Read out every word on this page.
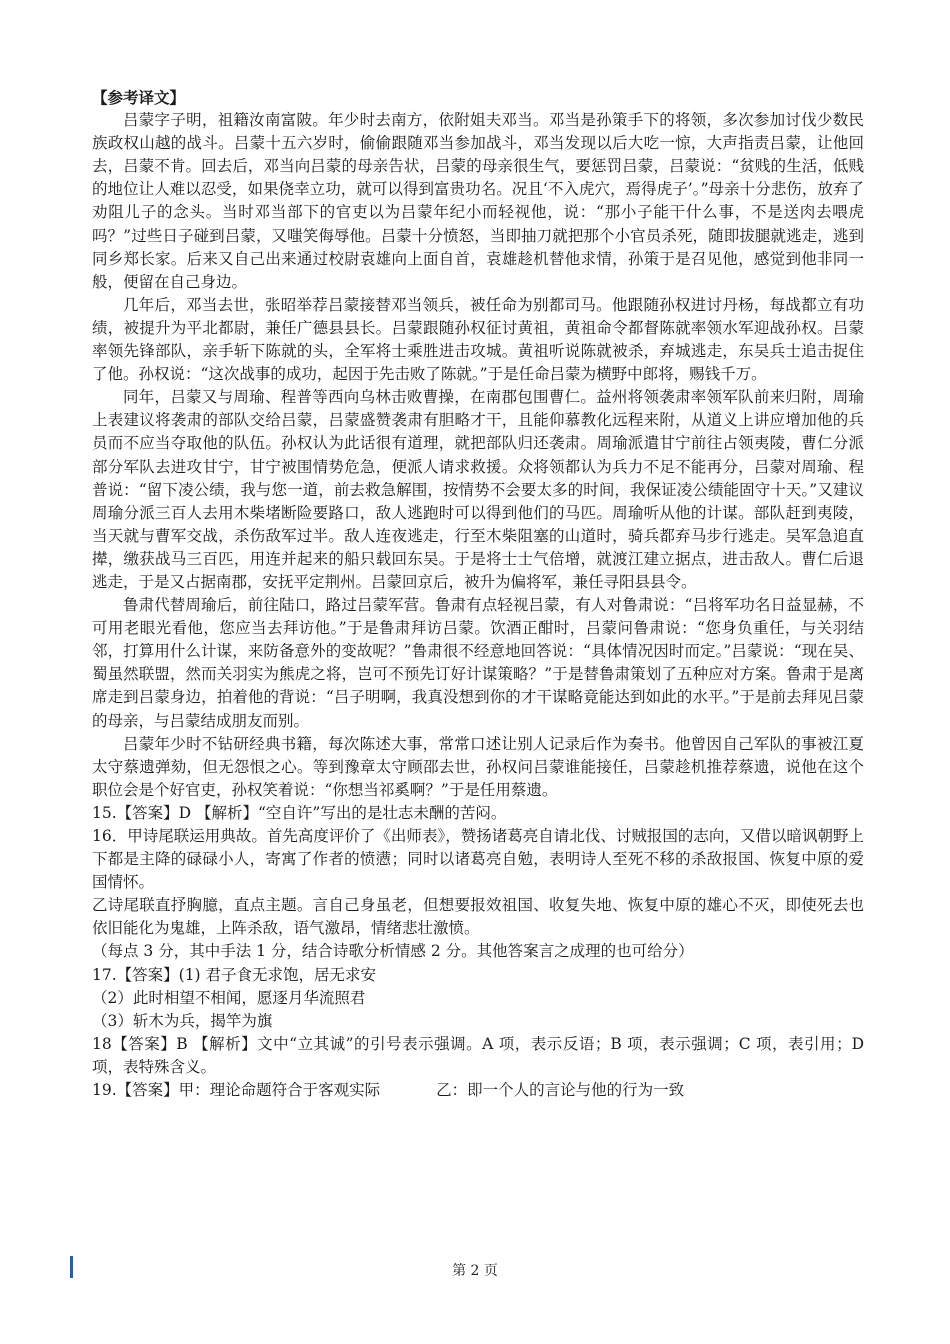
【参考译文】

吕蒙字子明，祖籍汝南富陂。年少时去南方，依附姐夫邓当。邓当是孙策手下的将领，多次参加讨伐少数民族政权山越的战斗。吕蒙十五六岁时，偷偷跟随邓当参加战斗，邓当发现以后大吃一惊，大声指责吕蒙，让他回去，吕蒙不肯。回去后，邓当向吕蒙的母亲告状，吕蒙的母亲很生气，要惩罚吕蒙，吕蒙说：“贫贱的生活，低贱的地位让人难以忍受，如果侥幸立功，就可以得到富贵功名。况且‘不入虎穴，焉得虎子’。”母亲十分悲伤，放弃了劝阻儿子的念头。当时邓当部下的官吏以为吕蒙年纪小而轻视他，说：“那小子能干什么事，不是送肉去喂虎吗？”过些日子碰到吕蒙，又嗤笑侮辱他。吕蒙十分愤怒，当即抽刀就把那个小官员杀死，随即拔腿就逃走，逃到同乡郑长家。后来又自己出来通过校尉袁雄向上面自首，袁雄趁机替他求情，孙策于是召见他，感觉到他非同一般，便留在自己身边。

几年后，邓当去世，张昭举荐吕蒙接替邓当领兵，被任命为别都司马。他跟随孙权进讨丹杨，每战都立有功绩，被提升为平北都尉，兼任广德县县长。吕蒙跟随孙权征讨黄祖，黄祖命令都督陈就率领水军迎战孙权。吕蒙率领先锋部队，亲手斩下陈就的头，全军将士乘胜进击攻城。黄祖听说陈就被杀，弃城逃走，东吴兵士追击捉住了他。孙权说：“这次战事的成功，起因于先击败了陈就。”于是任命吕蒙为横野中郎将，赐钱千万。

同年，吕蒙又与周瑜、程普等西向乌林击败曹操，在南郡包围曹仁。益州将领袭肃率领军队前来归附，周瑜上表建议将袭肃的部队交给吕蒙，吕蒙盛赞袭肃有胆略才干，且能仰慕教化远程来附，从道义上讲应增加他的兵员而不应当夺取他的队伍。孙权认为此话很有道理，就把部队归还袭肃。周瑜派遣甘宁前往占领夷陵，曹仁分派部分军队去进攻甘宁，甘宁被围情势危急，便派人请求救援。众将领都认为兵力不足不能再分，吕蒙对周瑜、程普说：“留下凌公绩，我与您一道，前去救急解围，按情势不会要太多的时间，我保证凌公绩能固守十天。”又建议周瑜分派三百人去用木柴堵断险要路口，敌人逃跑时可以得到他们的马匹。周瑜听从他的计谋。部队赶到夷陵，当天就与曹军交战，杀伤敌军过半。敌人连夜逃走，行至木柴阻塞的山道时，骑兵都弃马步行逃走。吴军急追直撵，缴获战马三百匹，用连并起来的船只载回东吴。于是将士士气倍增，就渡江建立据点，进击敌人。曹仁后退逃走，于是又占据南郡，安抚平定荆州。吕蒙回京后，被升为偏将军，兼任寻阳县县令。

鲁肃代替周瑜后，前往陆口，路过吕蒙军营。鲁肃有点轻视吕蒙，有人对鲁肃说：“吕将军功名日益显赫，不可用老眼光看他，您应当去拜访他。”于是鲁肃拜访吕蒙。饮酒正酣时，吕蒙问鲁肃说：“您身负重任，与关羽结邻，打算用什么计谋，来防备意外的变故呢？”鲁肃很不经意地回答说：“具体情况因时而定。”吕蒙说：“现在吴、蜀虽然联盟，然而关羽实为熊虎之将，岂可不预先订好计谋策略？”于是替鲁肃策划了五种应对方案。鲁肃于是离席走到吕蒙身边，拍着他的背说：“吕子明啊，我真没想到你的才干谋略竟能达到如此的水平。”于是前去拜见吕蒙的母亲，与吕蒙结成朋友而别。

吕蒙年少时不钻研经典书籍，每次陈述大事，常常口述让别人记录后作为奏书。他曾因自己军队的事被江夏太守蔡遗弹劾，但无怨恨之心。等到豫章太守顾邵去世，孙权问吕蒙谁能接任，吕蒙趁机推荐蔡遗，说他在这个职位会是个好官吏，孙权笑着说：“你想当祁奚啊？”于是任用蔡遗。

15.【答案】D 【解析】“空自许”写出的是壮志未酬的苦闷。

16．甲诗尾联运用典故。首先高度评价了《出师表》，赞扬诸葛亮自请北伐、讨贼报国的志向，又借以暗讽朝野上下都是主降的碌碌小人，寄寓了作者的愤懑；同时以诸葛亮自勉，表明诗人至死不移的杀敌报国、恢复中原的爱国情怀。

乙诗尾联直抒胸臆，直点主题。言自己身虽老，但想要报效祖国、收复失地、恢复中原的雄心不灭，即使死去也依旧能化为鬼雄，上阵杀敌，语气激昂，情绪悲壮激愤。

（每点 3 分，其中手法 1 分，结合诗歌分析情感 2 分。其他答案言之成理的也可给分）

17.【答案】(1) 君子食无求饱，居无求安

（2）此时相望不相闻，愿逐月华流照君

（3）斩木为兵，揭竿为旗

18【答案】B 【解析】文中“立其诚”的引号表示强调。A 项，表示反语；B 项，表示强调；C 项，表引用；D 项，表特殊含义。

19.【答案】甲：理论命题符合于客观实际	乙：即一个人的言论与他的行为一致

第 2 页
